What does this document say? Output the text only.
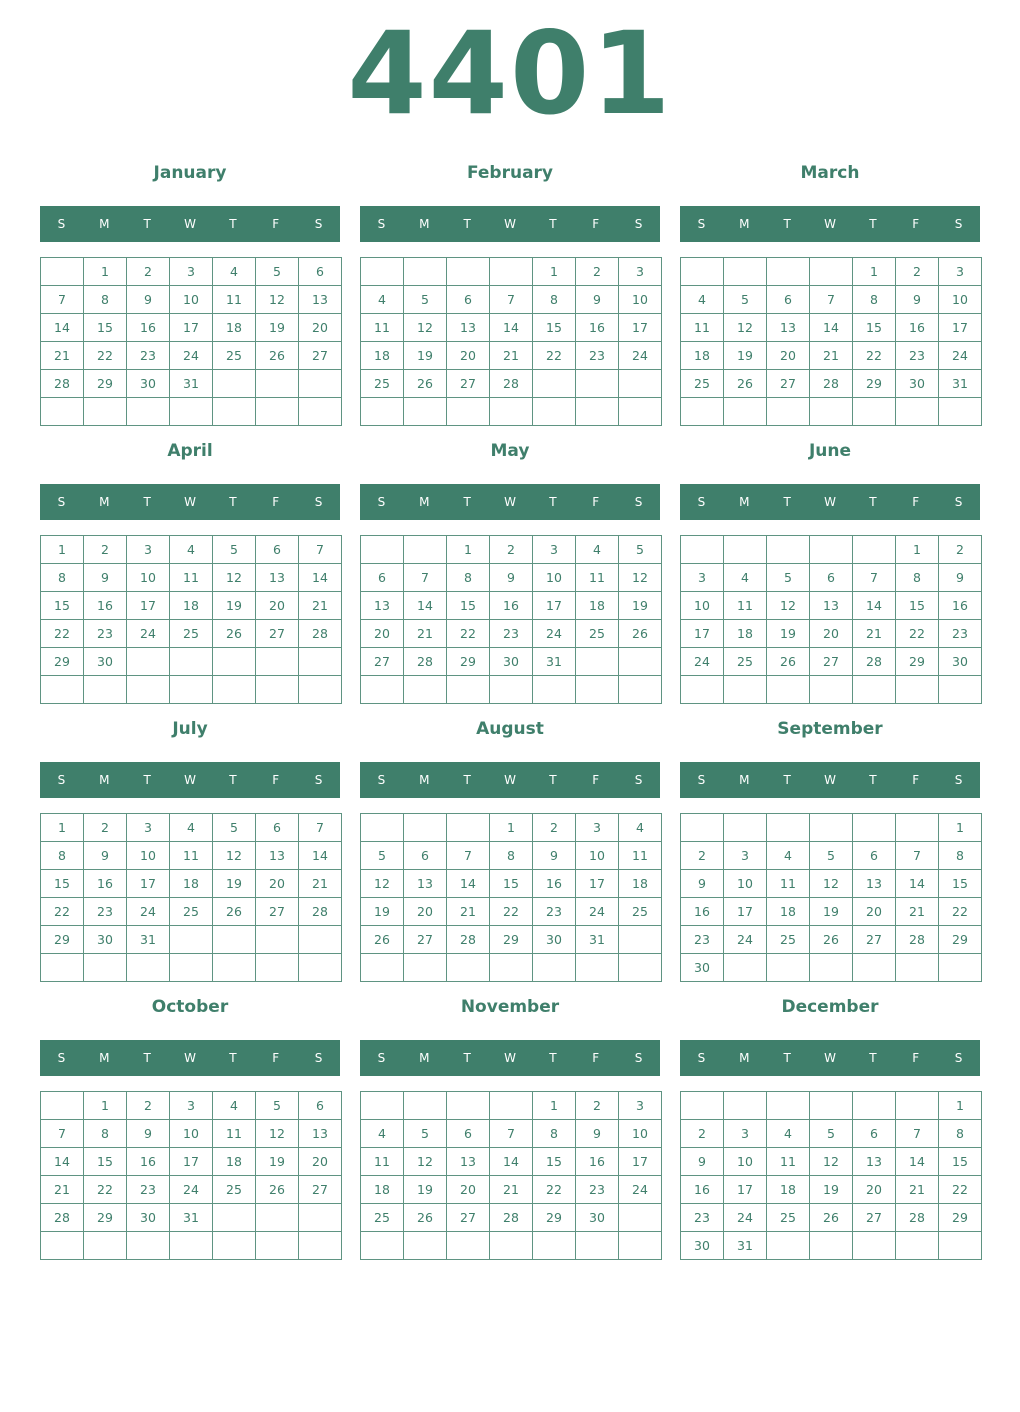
4401
January
S	M	T	W	T	F	S
	1	2	3	4	5	6
7	8	9	10	11	12	13
14	15	16	17	18	19	20
21	22	23	24	25	26	27
28	29	30	31			

February
S	M	T	W	T	F	S
				1	2	3
4	5	6	7	8	9	10
11	12	13	14	15	16	17
18	19	20	21	22	23	24
25	26	27	28			

March
S	M	T	W	T	F	S
				1	2	3
4	5	6	7	8	9	10
11	12	13	14	15	16	17
18	19	20	21	22	23	24
25	26	27	28	29	30	31

April
S	M	T	W	T	F	S
1	2	3	4	5	6	7
8	9	10	11	12	13	14
15	16	17	18	19	20	21
22	23	24	25	26	27	28
29	30					

May
S	M	T	W	T	F	S
		1	2	3	4	5
6	7	8	9	10	11	12
13	14	15	16	17	18	19
20	21	22	23	24	25	26
27	28	29	30	31		

June
S	M	T	W	T	F	S
					1	2
3	4	5	6	7	8	9
10	11	12	13	14	15	16
17	18	19	20	21	22	23
24	25	26	27	28	29	30

July
S	M	T	W	T	F	S
1	2	3	4	5	6	7
8	9	10	11	12	13	14
15	16	17	18	19	20	21
22	23	24	25	26	27	28
29	30	31				

August
S	M	T	W	T	F	S
			1	2	3	4
5	6	7	8	9	10	11
12	13	14	15	16	17	18
19	20	21	22	23	24	25
26	27	28	29	30	31	

September
S	M	T	W	T	F	S
						1
2	3	4	5	6	7	8
9	10	11	12	13	14	15
16	17	18	19	20	21	22
23	24	25	26	27	28	29
30						
October
S	M	T	W	T	F	S
	1	2	3	4	5	6
7	8	9	10	11	12	13
14	15	16	17	18	19	20
21	22	23	24	25	26	27
28	29	30	31			

November
S	M	T	W	T	F	S
				1	2	3
4	5	6	7	8	9	10
11	12	13	14	15	16	17
18	19	20	21	22	23	24
25	26	27	28	29	30	

December
S	M	T	W	T	F	S
						1
2	3	4	5	6	7	8
9	10	11	12	13	14	15
16	17	18	19	20	21	22
23	24	25	26	27	28	29
30	31					
